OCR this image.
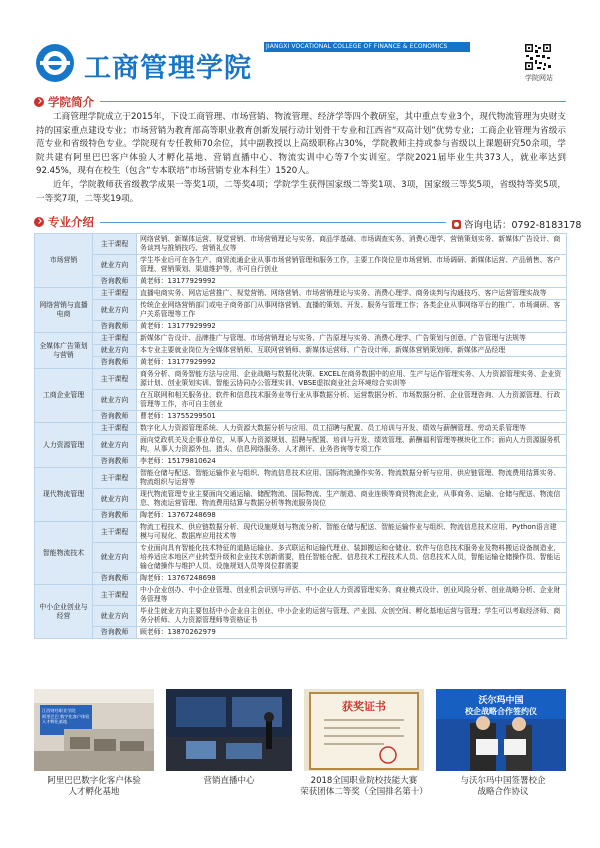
工商管理学院
JIANGXI VOCATIONAL COLLEGE OF FINANCE & ECONOMICS
学院网站
学院简介

工商管理学院成立于2015年，下设工商管理、市场营销、物流管理、经济学等四个教研室，其中重点专业3个，现代物流管理为央财支持的国家重点建设专业；市场营销为教育部高等职业教育创新发展行动计划骨干专业和江西省“双高计划”优势专业；工商企业管理为省级示范专业和省级特色专业。学院现有专任教师70余位，其中副教授以上高级职称占30%，学院教师主持或参与省级以上课题研究50余项，学院共建有阿里巴巴客户体验人才孵化基地、营销直播中心、物流实训中心等7个实训室。学院2021届毕业生共373人，就业率达到92.45%，现有在校生（包含“专本联培”市场营销专业本科生）1520人。

近年，学院教师获省级教学成果一等奖1项，二等奖4项；学院学生获得国家级二等奖1项、3项，国家级三等奖5项，省级特等奖5项，一等奖7项，二等奖19项。

专业介绍	咨询电话：0792-8183178
市场营销	主干课程	网络营销、新媒体运营、视觉营销、市场营销理论与实务、商品学基础、市场调查实务、消费心理学、营销策划实务、新媒体广告设计、商务谈判与推销技巧、营销礼仪等
	就业方向	学生毕业后可在各生产、商贸流通企业从事市场营销管理和服务工作，主要工作岗位是市场营销、市场调研、新媒体运营、产品销售、客户管理、营销策划、渠道维护等，亦可自行创业
	咨询教师	黄老师：13177929992
网络营销与直播电商	主干课程	直播电商实务、网店运营推广、视觉营销、网络营销、市场营销理论与实务、消费心理学、商务谈判与沟通技巧、客户运营管理实战等
	就业方向	传统企业网络营销部门或电子商务部门从事网络营销、直播的策划、开发、服务与管理工作；各类企业从事网络平台的推广、市场调研、客户关系管理等工作
	咨询教师	黄老师：13177929992
全媒体广告策划与营销	主干课程	新媒体广告设计、品牌推广与管理、市场营销理论与实务、广告原理与实务、消费心理学、广告策划与创意、广告管理与法规等
	就业方向	本专业主要就业岗位为全媒体营销师、互联网营销师、新媒体运营师、广告设计师、新媒体营销策划师、新媒体产品经理
	咨询教师	黄老师：13177929992
工商企业管理	主干课程	商务分析、商务智能方法与应用、企业战略与数据化决策、EXCEL在商务数据中的应用、生产与运作管理实务、人力资源管理实务、企业资源计划、创业策划实训、智能云协同办公管理实训、VBSE虚拟商业社会环境综合实训等
	就业方向	在互联网和相关服务业、软件和信息技术服务业等行业从事数据分析、运营数据分析、市场数据分析、企业管理咨询、人力资源管理、行政管理等工作，亦可自主创业
	咨询教师	曹老师：13755299501
人力资源管理	主干课程	数字化人力资源管理系统、人力资源大数据分析与应用、员工招聘与配置、员工培训与开发、绩效与薪酬管理、劳动关系管理等
	就业方向	面向党政机关及企事业单位，从事人力资源规划、招聘与配置、培训与开发、绩效管理、薪酬福利管理等模块化工作；面向人力资源服务机构，从事人力资源外包、猎头、信息网络服务、人才测评、业务咨询等专项工作
	咨询教师	李老师：15179810624
现代物流管理	主干课程	智能仓储与配送、智能运输作业与组织、物流信息技术应用、国际物流操作实务、物流数据分析与应用、供应链管理、物流费用结算实务、物流组织与运营等
	就业方向	现代物流管理专业主要面向交通运输、储配物流、国际物流、生产制造、商业连锁等商贸物流企业，从事商务、运输、仓储与配送、物流信息、物流运营管理、物流费用结算与数据分析等物流服务岗位
	咨询教师	陶老师：13767248698
智能物流技术	主干课程	物流工程技术、供应链数据分析、现代设施规划与物流分析、智能仓储与配送、智能运输作业与组织、物流信息技术应用、Python语言建模与可视化、数据库应用技术等
	就业方向	专业面向具有智能化技术特征的道路运输业、多式联运和运输代理业、装卸搬运和仓储业、软件与信息技术服务业及物料搬运设备制造业，培养适应本地区产业转型升级和企业技术创新需要，胜任智能仓配、信息技术工程技术人员、信息技术人员，智能运输仓储操作员、智能运输仓储操作与维护人员、设施规划人员等岗位群需要
	咨询教师	陶老师：13767248698
中小企业创业与经营	主干课程	中小企业创办、中小企业管理、创业机会识别与评估、中小企业人力资源管理实务、商业模式设计、创业风险分析、创业战略分析、企业财务管理等
	就业方向	毕业生就业方向主要包括中小企业自主创业、中小企业的运营与管理、产业园、众创空间、孵化基地运营与管理；学生可以考取经济师、商务分析师、人力资源管理师等资格证书
	咨询教师	顾老师：13870262979
江西财经职业学院
阿里巴巴 数字化客户体验人才孵化基地
获奖证书	沃尔玛中国
校企战略合作签约仪
阿里巴巴数字化客户体验
人才孵化基地
营销直播中心	2018全国职业院校技能大赛
荣获团体二等奖（全国排名第十）
与沃尔玛中国签署校企
战略合作协议
